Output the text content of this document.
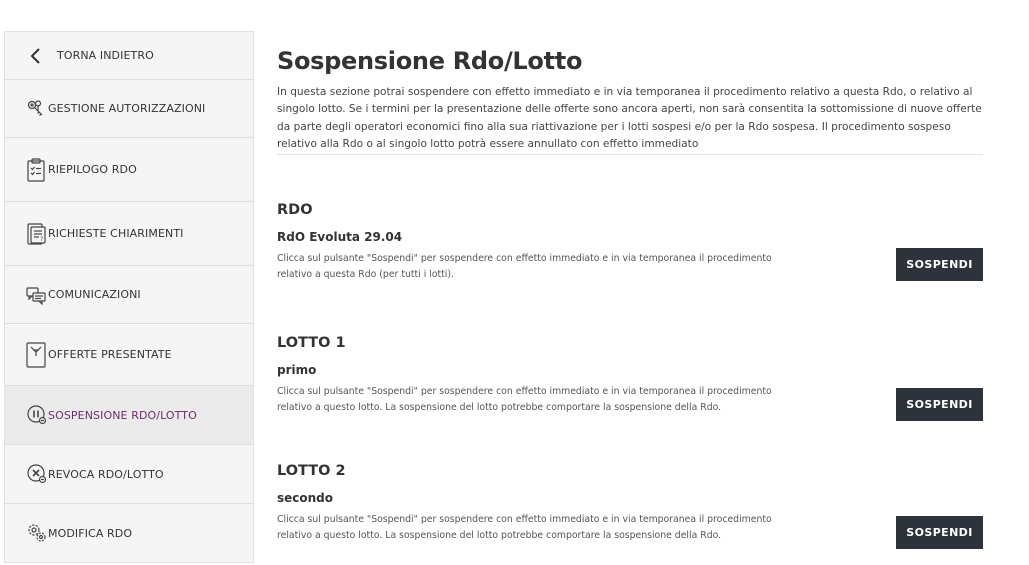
TORNA INDIETRO
GESTIONE AUTORIZZAZIONI
RIEPILOGO RDO
? RICHIESTE CHIARIMENTI
COMUNICAZIONI
OFFERTE PRESENTATE
SOSPENSIONE RDO/LOTTO
REVOCA RDO/LOTTO
MODIFICA RDO
Sospensione Rdo/Lotto

In questa sezione potrai sospendere con effetto immediato e in via temporanea il procedimento relativo a questa Rdo, o relativo al singolo lotto. Se i termini per la presentazione delle offerte sono ancora aperti, non sarà consentita la sottomissione di nuove offerte da parte degli operatori economici fino alla sua riattivazione per i lotti sospesi e/o per la Rdo sospesa. Il procedimento sospeso relativo alla Rdo o al singolo lotto potrà essere annullato con effetto immediato

RDO
RdO Evoluta 29.04
Clicca sul pulsante "Sospendi" per sospendere con effetto immediato e in via temporanea il procedimento relativo a questa Rdo (per tutti i lotti).
SOSPENDI
LOTTO 1
primo
Clicca sul pulsante "Sospendi" per sospendere con effetto immediato e in via temporanea il procedimento relativo a questo lotto. La sospensione del lotto potrebbe comportare la sospensione della Rdo.	SOSPENDI
LOTTO 2
secondo
Clicca sul pulsante "Sospendi" per sospendere con effetto immediato e in via temporanea il procedimento relativo a questo lotto. La sospensione del lotto potrebbe comportare la sospensione della Rdo.	SOSPENDI
